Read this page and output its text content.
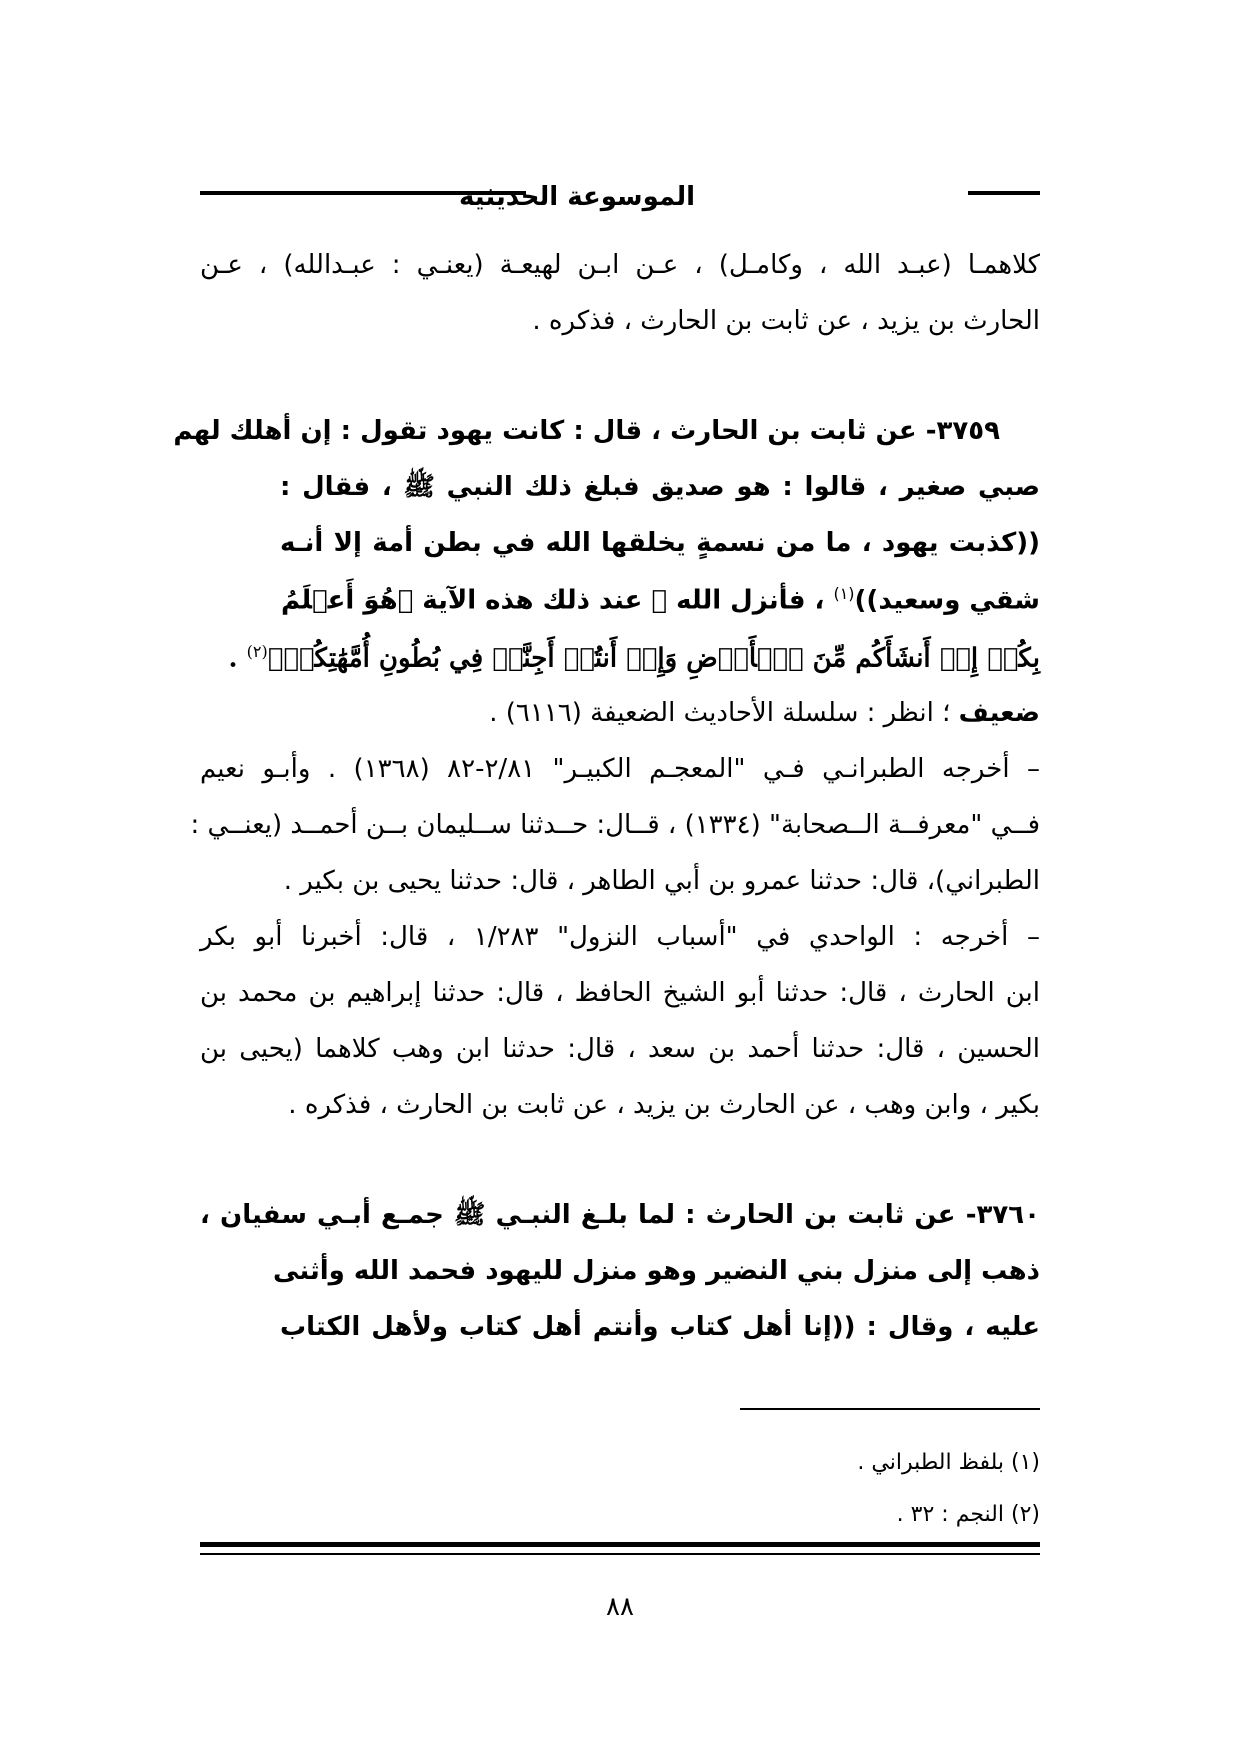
الموسوعة الحديثية
كلاهمـا (عبـد الله ، وكامـل) ، عـن ابـن لهيعـة (يعنـي : عبـدالله) ، عـن
الحارث بن يزيد ، عن ثابت بن الحارث ، فذكره .
٣٧٥٩- عن ثابت بن الحارث ، قال : كانت يهود تقول : إن أهلك لهم
صبي صغير ، قالوا : هو صديق فبلغ ذلك النبي ﷺ ، فقال :
((كذبت يهود ، ما من نسمةٍ يخلقها الله في بطن أمة إلا أنـه
شقي وسعيد))$^{(١)}$ ، فأنزل الله ﷻ عند ذلك هذه الآية ﴿هُوَ أَعۡلَمُ
بِكُمۡ إِذۡ أَنشَأَكُم مِّنَ ٱلۡأَرۡضِ وَإِذۡ أَنتُمۡ أَجِنَّةٞ فِي بُطُونِ أُمَّهَٰتِكُمۡ﴾$^{(٢)}$ .
ضعيف ؛ انظر : سلسلة الأحاديث الضعيفة (٦١١٦) .
– أخرجه الطبرانـي فـي "المعجـم الكبيـر" ٢/٨١-٨٢ (١٣٦٨) . وأبـو نعيم
فــي "معرفــة الــصحابة" (١٣٣٤) ، قــال: حــدثنا ســليمان بــن أحمــد (يعنــي :
الطبراني)، قال: حدثنا عمرو بن أبي الطاهر ، قال: حدثنا يحيى بن بكير .
– أخرجه : الواحدي في "أسباب النزول" ١/٢٨٣ ، قال: أخبرنا أبو بكر
ابن الحارث ، قال: حدثنا أبو الشيخ الحافظ ، قال: حدثنا إبراهيم بن محمد بن
الحسين ، قال: حدثنا أحمد بن سعد ، قال: حدثنا ابن وهب كلاهما (يحيى بن
بكير ، وابن وهب ، عن الحارث بن يزيد ، عن ثابت بن الحارث ، فذكره .
٣٧٦٠- عن ثابت بن الحارث : لما بلـغ النبـي ﷺ جمـع أبـي سفيان ،
ذهب إلى منزل بني النضير وهو منزل لليهود فحمد الله وأثنى
عليه ، وقال : ((إنا أهل كتاب وأنتم أهل كتاب ولأهل الكتاب
(١) بلفظ الطبراني .
(٢) النجم : ٣٢ .
٨٨
